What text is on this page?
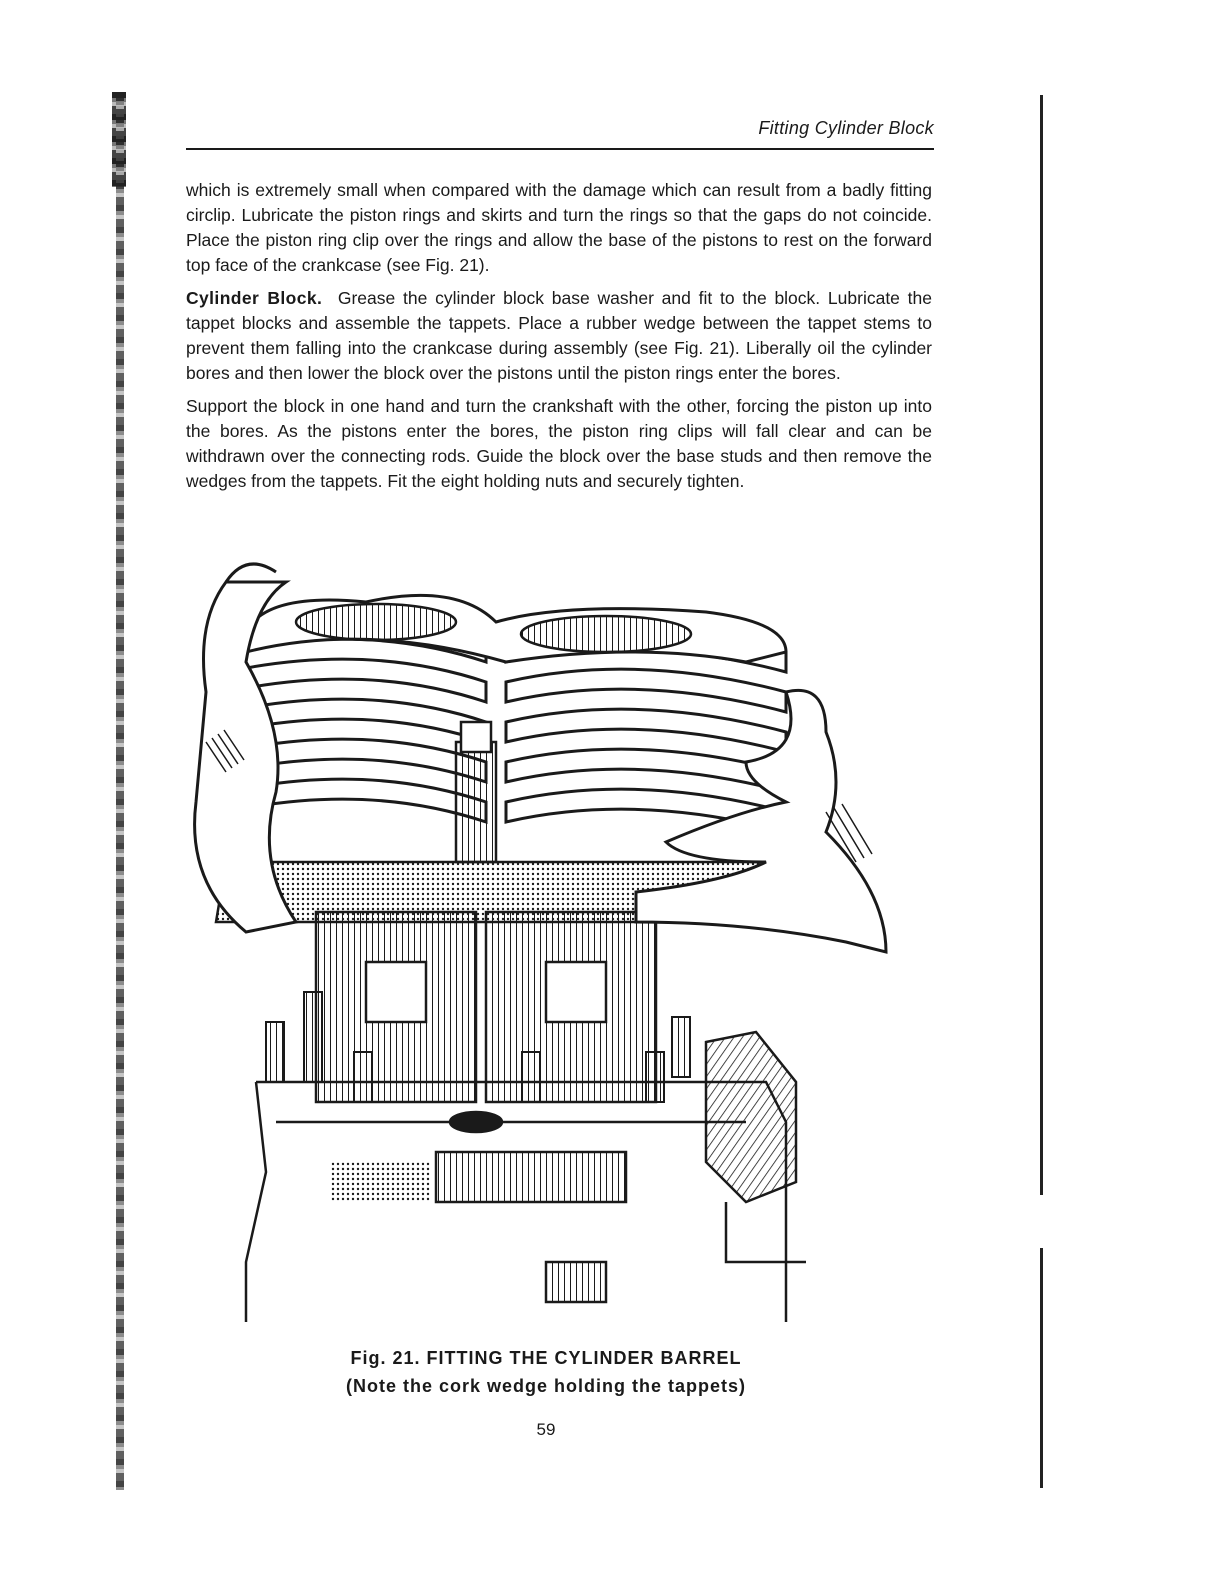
Fitting Cylinder Block

which is extremely small when compared with the damage which can result from a badly fitting circlip. Lubricate the piston rings and skirts and turn the rings so that the gaps do not coincide. Place the piston ring clip over the rings and allow the base of the pistons to rest on the forward top face of the crankcase (see Fig. 21).

Cylinder Block. Grease the cylinder block base washer and fit to the block. Lubricate the tappet blocks and assemble the tappets. Place a rubber wedge between the tappet stems to prevent them falling into the crankcase during assembly (see Fig. 21). Liberally oil the cylinder bores and then lower the block over the pistons until the piston rings enter the bores.

Support the block in one hand and turn the crankshaft with the other, forcing the piston up into the bores. As the pistons enter the bores, the piston ring clips will fall clear and can be withdrawn over the connecting rods. Guide the block over the base studs and then remove the wedges from the tappets. Fit the eight holding nuts and securely tighten.

Fig. 21. FITTING THE CYLINDER BARREL
(Note the cork wedge holding the tappets)
59
